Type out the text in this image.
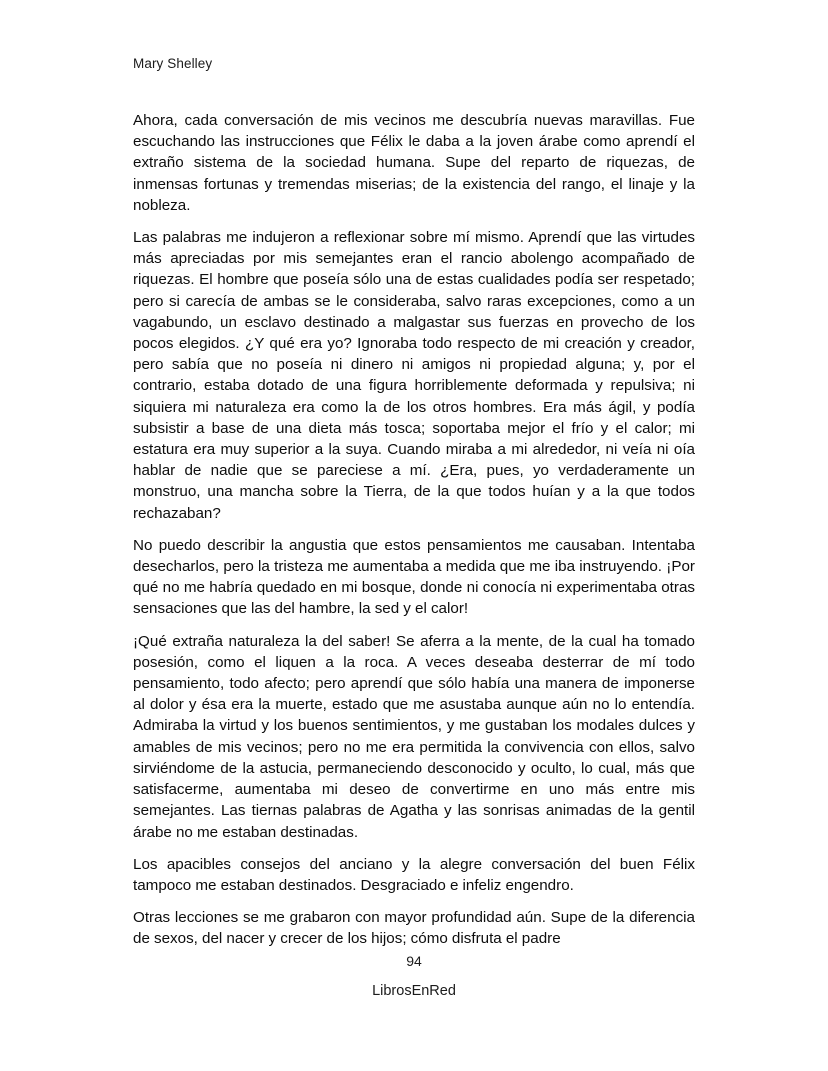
Mary Shelley

Ahora, cada conversación de mis vecinos me descubría nuevas maravillas. Fue escuchando las instrucciones que Félix le daba a la joven árabe como aprendí el extraño sistema de la sociedad humana. Supe del reparto de riquezas, de inmensas fortunas y tremendas miserias; de la existencia del rango, el linaje y la nobleza.

Las palabras me indujeron a reflexionar sobre mí mismo. Aprendí que las virtudes más apreciadas por mis semejantes eran el rancio abolengo acompañado de riquezas. El hombre que poseía sólo una de estas cualidades podía ser respetado; pero si carecía de ambas se le consideraba, salvo raras excepciones, como a un vagabundo, un esclavo destinado a malgastar sus fuerzas en provecho de los pocos elegidos. ¿Y qué era yo? Ignoraba todo respecto de mi creación y creador, pero sabía que no poseía ni dinero ni amigos ni propiedad alguna; y, por el contrario, estaba dotado de una figura horriblemente deformada y repulsiva; ni siquiera mi naturaleza era como la de los otros hombres. Era más ágil, y podía subsistir a base de una dieta más tosca; soportaba mejor el frío y el calor; mi estatura era muy superior a la suya. Cuando miraba a mi alrededor, ni veía ni oía hablar de nadie que se pareciese a mí. ¿Era, pues, yo verdaderamente un monstruo, una mancha sobre la Tierra, de la que todos huían y a la que todos rechazaban?

No puedo describir la angustia que estos pensamientos me causaban. Intentaba desecharlos, pero la tristeza me aumentaba a medida que me iba instruyendo. ¡Por qué no me habría quedado en mi bosque, donde ni conocía ni experimentaba otras sensaciones que las del hambre, la sed y el calor!

¡Qué extraña naturaleza la del saber! Se aferra a la mente, de la cual ha tomado posesión, como el liquen a la roca. A veces deseaba desterrar de mí todo pensamiento, todo afecto; pero aprendí que sólo había una manera de imponerse al dolor y ésa era la muerte, estado que me asustaba aunque aún no lo entendía. Admiraba la virtud y los buenos sentimientos, y me gustaban los modales dulces y amables de mis vecinos; pero no me era permitida la convivencia con ellos, salvo sirviéndome de la astucia, permaneciendo desconocido y oculto, lo cual, más que satisfacerme, aumentaba mi deseo de convertirme en uno más entre mis semejantes. Las tiernas palabras de Agatha y las sonrisas animadas de la gentil árabe no me estaban destinadas.

Los apacibles consejos del anciano y la alegre conversación del buen Félix tampoco me estaban destinados. Desgraciado e infeliz engendro.

Otras lecciones se me grabaron con mayor profundidad aún. Supe de la diferencia de sexos, del nacer y crecer de los hijos; cómo disfruta el padre

94
LibrosEnRed
